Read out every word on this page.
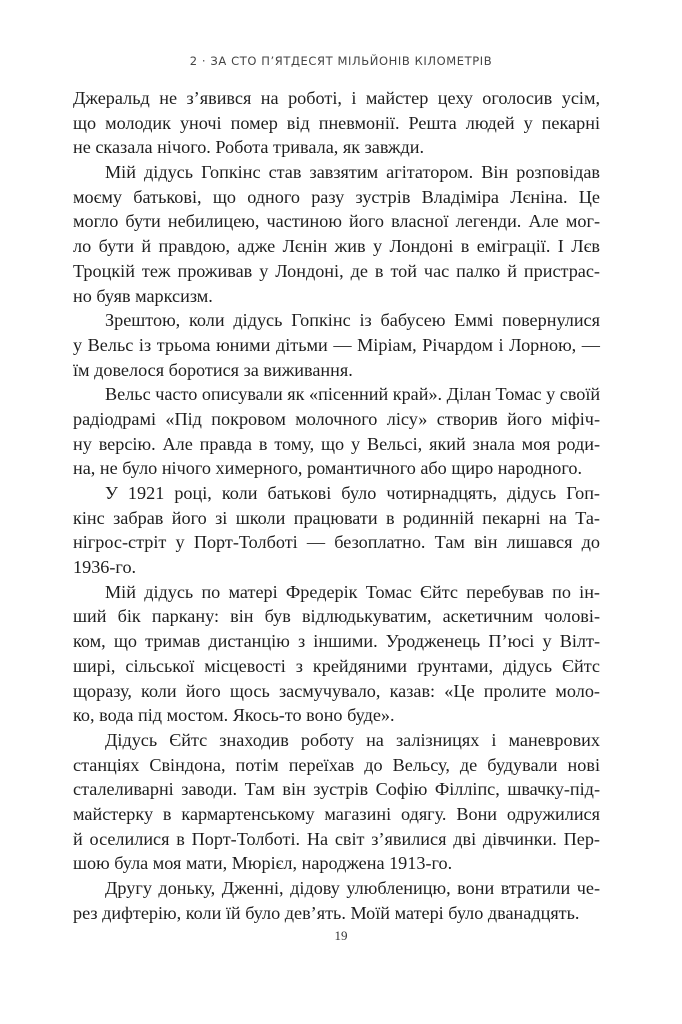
2 · ЗА СТО П’ЯТДЕСЯТ МІЛЬЙОНІВ КІЛОМЕТРІВ
Джеральд не з’явився на роботі, і майстер цеху оголосив усім,
що молодик уночі помер від пневмонії. Решта людей у пекарні
не сказала нічого. Робота тривала, як завжди.
Мій дідусь Гопкінс став завзятим агітатором. Він розповідав
моєму батькові, що одного разу зустрів Владіміра Лєніна. Це
могло бути небилицею, частиною його власної легенди. Але мог-
ло бути й правдою, адже Лєнін жив у Лондоні в еміграції. І Лєв
Троцкій теж проживав у Лондоні, де в той час палко й пристрас-
но буяв марксизм.
Зрештою, коли дідусь Гопкінс із бабусею Еммі повернулися
у Вельс із трьома юними дітьми — Міріам, Річардом і Лорною, —
їм довелося боротися за виживання.
Вельс часто описували як «пісенний край». Ділан Томас у своїй
радіодрамі «Під покровом молочного лісу» створив його міфіч-
ну версію. Але правда в тому, що у Вельсі, який знала моя роди-
на, не було нічого химерного, романтичного або щиро народного.
У 1921 році, коли батькові було чотирнадцять, дідусь Гоп-
кінс забрав його зі школи працювати в родинній пекарні на Та-
нігрос-стріт у Порт-Толботі — безоплатно. Там він лишався до
1936-го.
Мій дідусь по матері Фредерік Томас Єйтс перебував по ін-
ший бік паркану: він був відлюдькуватим, аскетичним чолові-
ком, що тримав дистанцію з іншими. Уродженець П’юсі у Вілт-
ширі, сільської місцевості з крейдяними ґрунтами, дідусь Єйтс
щоразу, коли його щось засмучувало, казав: «Це пролите моло-
ко, вода під мостом. Якось-то воно буде».
Дідусь Єйтс знаходив роботу на залізницях і маневрових
станціях Свіндона, потім переїхав до Вельсу, де будували нові
сталеливарні заводи. Там він зустрів Софію Філліпс, швачку-під-
майстерку в кармартенському магазині одягу. Вони одружилися
й оселилися в Порт-Толботі. На світ з’явилися дві дівчинки. Пер-
шою була моя мати, Мюрієл, народжена 1913-го.
Другу доньку, Дженні, дідову улюбленицю, вони втратили че-
рез дифтерію, коли їй було дев’ять. Моїй матері було дванадцять.
19
